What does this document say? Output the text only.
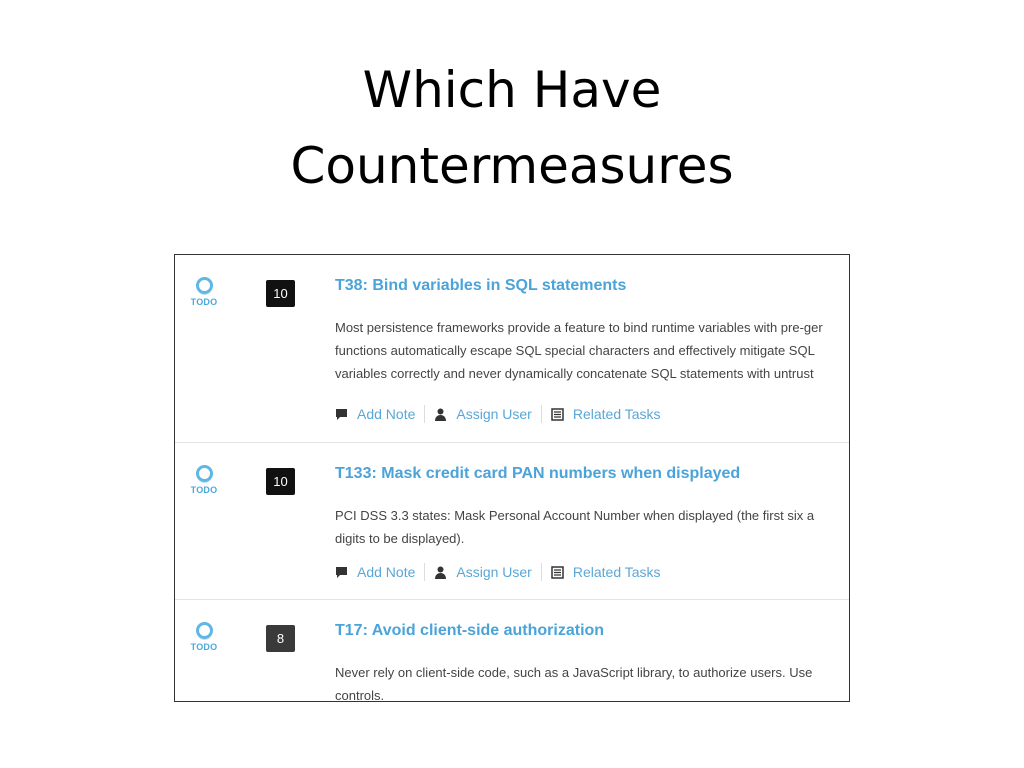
Which Have
Countermeasures
TODO
10	T38: Bind variables in SQL statements
Most persistence frameworks provide a feature to bind runtime variables with pre-ger
functions automatically escape SQL special characters and effectively mitigate SQL
variables correctly and never dynamically concatenate SQL statements with untrust
Add Note	Assign User	Related Tasks
TODO
10	T133: Mask credit card PAN numbers when displayed
PCI DSS 3.3 states: Mask Personal Account Number when displayed (the first six a
digits to be displayed).
Add Note	Assign User	Related Tasks
TODO
8	T17: Avoid client-side authorization
Never rely on client-side code, such as a JavaScript library, to authorize users. Use
controls.
